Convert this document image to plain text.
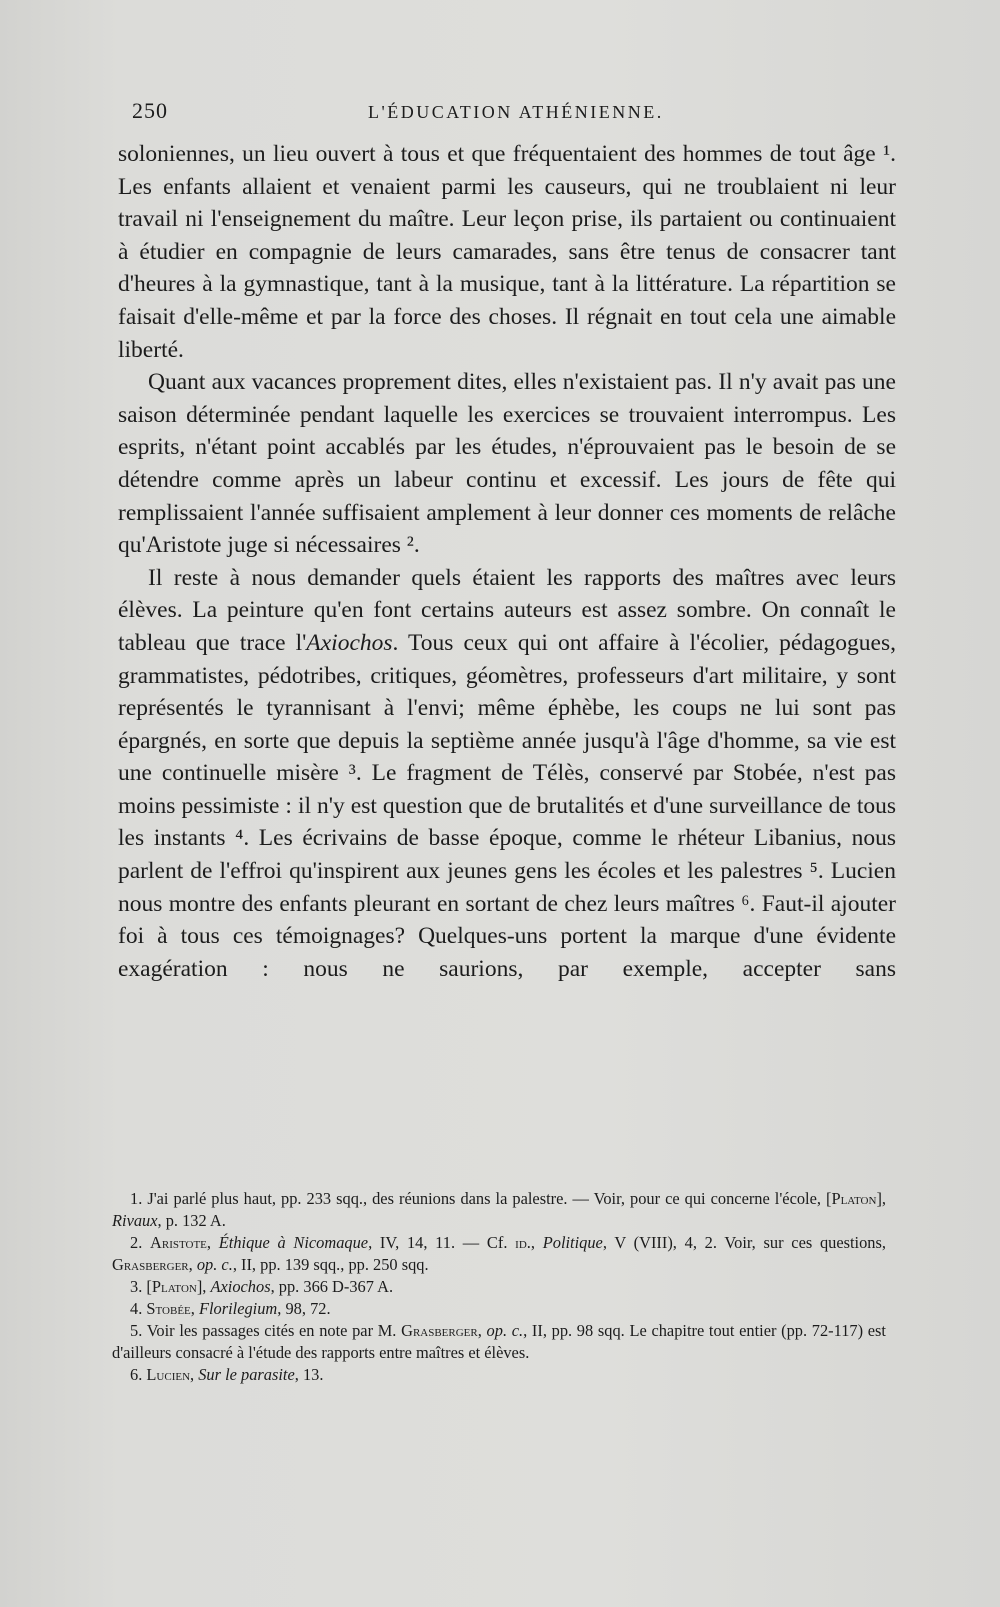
250	L'ÉDUCATION ATHÉNIENNE.

soloniennes, un lieu ouvert à tous et que fréquentaient des hommes de tout âge ¹. Les enfants allaient et venaient parmi les causeurs, qui ne troublaient ni leur travail ni l'enseignement du maître. Leur leçon prise, ils partaient ou continuaient à étudier en compagnie de leurs camarades, sans être tenus de consacrer tant d'heures à la gymnastique, tant à la musique, tant à la littérature. La répartition se faisait d'elle-même et par la force des choses. Il régnait en tout cela une aimable liberté.

Quant aux vacances proprement dites, elles n'existaient pas. Il n'y avait pas une saison déterminée pendant laquelle les exercices se trouvaient interrompus. Les esprits, n'étant point accablés par les études, n'éprouvaient pas le besoin de se détendre comme après un labeur continu et excessif. Les jours de fête qui remplissaient l'année suffisaient amplement à leur donner ces moments de relâche qu'Aristote juge si nécessaires ².

Il reste à nous demander quels étaient les rapports des maîtres avec leurs élèves. La peinture qu'en font certains auteurs est assez sombre. On connaît le tableau que trace l'Axiochos. Tous ceux qui ont affaire à l'écolier, pédagogues, grammatistes, pédotribes, critiques, géomètres, professeurs d'art militaire, y sont représentés le tyrannisant à l'envi; même éphèbe, les coups ne lui sont pas épargnés, en sorte que depuis la septième année jusqu'à l'âge d'homme, sa vie est une continuelle misère ³. Le fragment de Télès, conservé par Stobée, n'est pas moins pessimiste : il n'y est question que de brutalités et d'une surveillance de tous les instants ⁴. Les écrivains de basse époque, comme le rhéteur Libanius, nous parlent de l'effroi qu'inspirent aux jeunes gens les écoles et les palestres ⁵. Lucien nous montre des enfants pleurant en sortant de chez leurs maîtres ⁶. Faut-il ajouter foi à tous ces témoignages? Quelques-uns portent la marque d'une évidente exagération : nous ne saurions, par exemple, accepter sans

1. J'ai parlé plus haut, pp. 233 sqq., des réunions dans la palestre. — Voir, pour ce qui concerne l'école, [Platon], Rivaux, p. 132 A.

2. Aristote, Éthique à Nicomaque, IV, 14, 11. — Cf. id., Politique, V (VIII), 4, 2. Voir, sur ces questions, Grasberger, op. c., II, pp. 139 sqq., pp. 250 sqq.

3. [Platon], Axiochos, pp. 366 D-367 A.

4. Stobée, Florilegium, 98, 72.

5. Voir les passages cités en note par M. Grasberger, op. c., II, pp. 98 sqq. Le chapitre tout entier (pp. 72-117) est d'ailleurs consacré à l'étude des rapports entre maîtres et élèves.

6. Lucien, Sur le parasite, 13.
